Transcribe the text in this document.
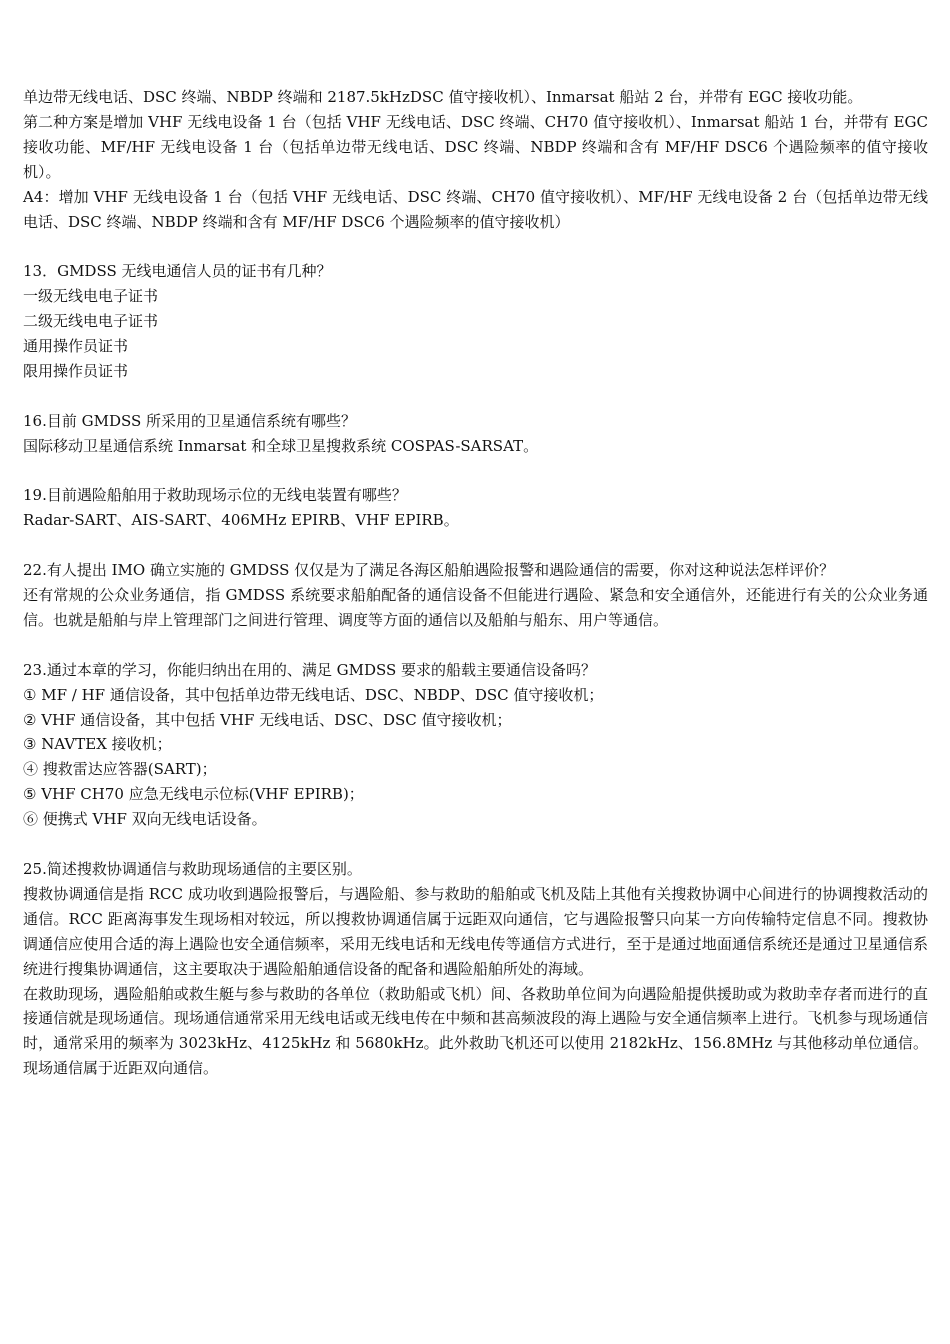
单边带无线电话、DSC 终端、NBDP 终端和 2187.5kHzDSC 值守接收机）、Inmarsat 船站 2 台，并带有 EGC 接收功能。
第二种方案是增加 VHF 无线电设备 1 台（包括 VHF 无线电话、DSC 终端、CH70 值守接收机）、Inmarsat 船站 1 台，并带有 EGC 接收功能、MF/HF 无线电设备 1 台（包括单边带无线电话、DSC 终端、NBDP 终端和含有 MF/HF DSC6 个遇险频率的值守接收机）。
A4：增加 VHF 无线电设备 1 台（包括 VHF 无线电话、DSC 终端、CH70 值守接收机）、MF/HF 无线电设备 2 台（包括单边带无线电话、DSC 终端、NBDP 终端和含有 MF/HF DSC6 个遇险频率的值守接收机）
13．GMDSS 无线电通信人员的证书有几种？
一级无线电电子证书
二级无线电电子证书
通用操作员证书
限用操作员证书
16.目前 GMDSS 所采用的卫星通信系统有哪些？
国际移动卫星通信系统 Inmarsat 和全球卫星搜救系统 COSPAS-SARSAT。
19.目前遇险船舶用于救助现场示位的无线电装置有哪些？
Radar-SART、AIS-SART、406MHz EPIRB、VHF EPIRB。
22.有人提出 IMO 确立实施的 GMDSS 仅仅是为了满足各海区船舶遇险报警和遇险通信的需要，你对这种说法怎样评价？
还有常规的公众业务通信，指 GMDSS 系统要求船舶配备的通信设备不但能进行遇险、紧急和安全通信外，还能进行有关的公众业务通信。也就是船舶与岸上管理部门之间进行管理、调度等方面的通信以及船舶与船东、用户等通信。
23.通过本章的学习，你能归纳出在用的、满足 GMDSS 要求的船载主要通信设备吗？
① MF / HF 通信设备，其中包括单边带无线电话、DSC、NBDP、DSC 值守接收机；
② VHF 通信设备，其中包括 VHF 无线电话、DSC、DSC 值守接收机；
③ NAVTEX 接收机；
④ 搜救雷达应答器(SART)；
⑤ VHF CH70 应急无线电示位标(VHF EPIRB)；
⑥ 便携式 VHF 双向无线电话设备。
25.简述搜救协调通信与救助现场通信的主要区别。
搜救协调通信是指 RCC 成功收到遇险报警后，与遇险船、参与救助的船舶或飞机及陆上其他有关搜救协调中心间进行的协调搜救活动的通信。RCC 距离海事发生现场相对较远，所以搜救协调通信属于远距双向通信，它与遇险报警只向某一方向传输特定信息不同。搜救协调通信应使用合适的海上遇险也安全通信频率，采用无线电话和无线电传等通信方式进行，至于是通过地面通信系统还是通过卫星通信系统进行搜集协调通信，这主要取决于遇险船舶通信设备的配备和遇险船舶所处的海域。
在救助现场，遇险船舶或救生艇与参与救助的各单位（救助船或飞机）间、各救助单位间为向遇险船提供援助或为救助幸存者而进行的直接通信就是现场通信。现场通信通常采用无线电话或无线电传在中频和甚高频波段的海上遇险与安全通信频率上进行。飞机参与现场通信时，通常采用的频率为 3023kHz、4125kHz 和 5680kHz。此外救助飞机还可以使用 2182kHz、156.8MHz 与其他移动单位通信。现场通信属于近距双向通信。
